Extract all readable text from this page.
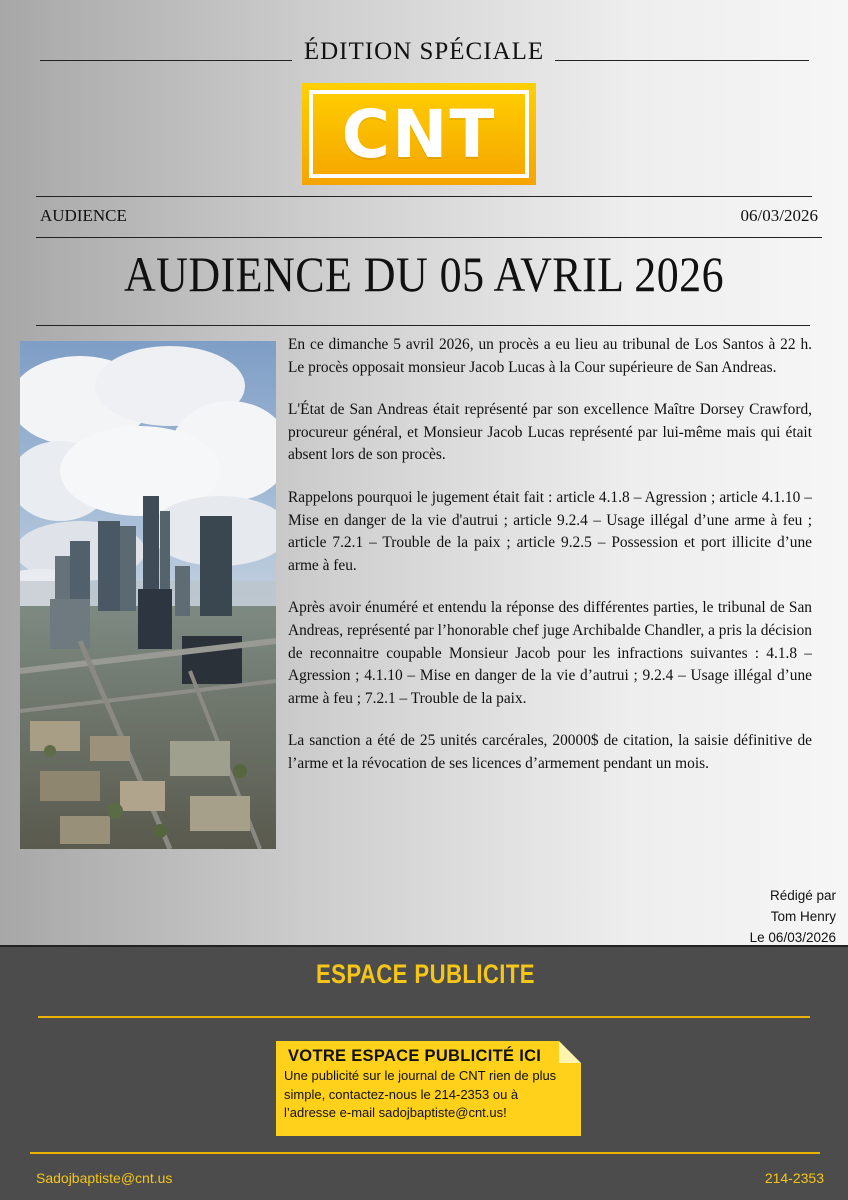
ÉDITION SPÉCIALE
CNT
AUDIENCE	06/03/2026
AUDIENCE DU 05 AVRIL 2026

En ce dimanche 5 avril 2026, un procès a eu lieu au tribunal de Los Santos à 22 h. Le procès opposait monsieur Jacob Lucas à la Cour supérieure de San Andreas.

L'État de San Andreas était représenté par son excellence Maître Dorsey Crawford, procureur général, et Monsieur Jacob Lucas représenté par lui-même mais qui était absent lors de son procès.

Rappelons pourquoi le jugement était fait : article 4.1.8 – Agression ; article 4.1.10 – Mise en danger de la vie d'autrui ; article 9.2.4 – Usage illégal d’une arme à feu ; article 7.2.1 – Trouble de la paix ; article 9.2.5 – Possession et port illicite d’une arme à feu.

Après avoir énuméré et entendu la réponse des différentes parties, le tribunal de San Andreas, représenté par l’honorable chef juge Archibalde Chandler, a pris la décision de reconnaitre coupable Monsieur Jacob pour les infractions suivantes : 4.1.8 – Agression ; 4.1.10 – Mise en danger de la vie d’autrui ; 9.2.4 – Usage illégal d’une arme à feu ; 7.2.1 – Trouble de la paix.

La sanction a été de 25 unités carcérales, 20000$ de citation, la saisie définitive de l’arme et la révocation de ses licences d’armement pendant un mois.

Rédigé par
Tom Henry
Le 06/03/2026
ESPACE PUBLICITE
VOTRE ESPACE PUBLICITÉ ICI
Une publicité sur le journal de CNT rien de plus simple, contactez-nous le 214-2353 ou à l’adresse e-mail sadojbaptiste@cnt.us!
Sadojbaptiste@cnt.us	214-2353
